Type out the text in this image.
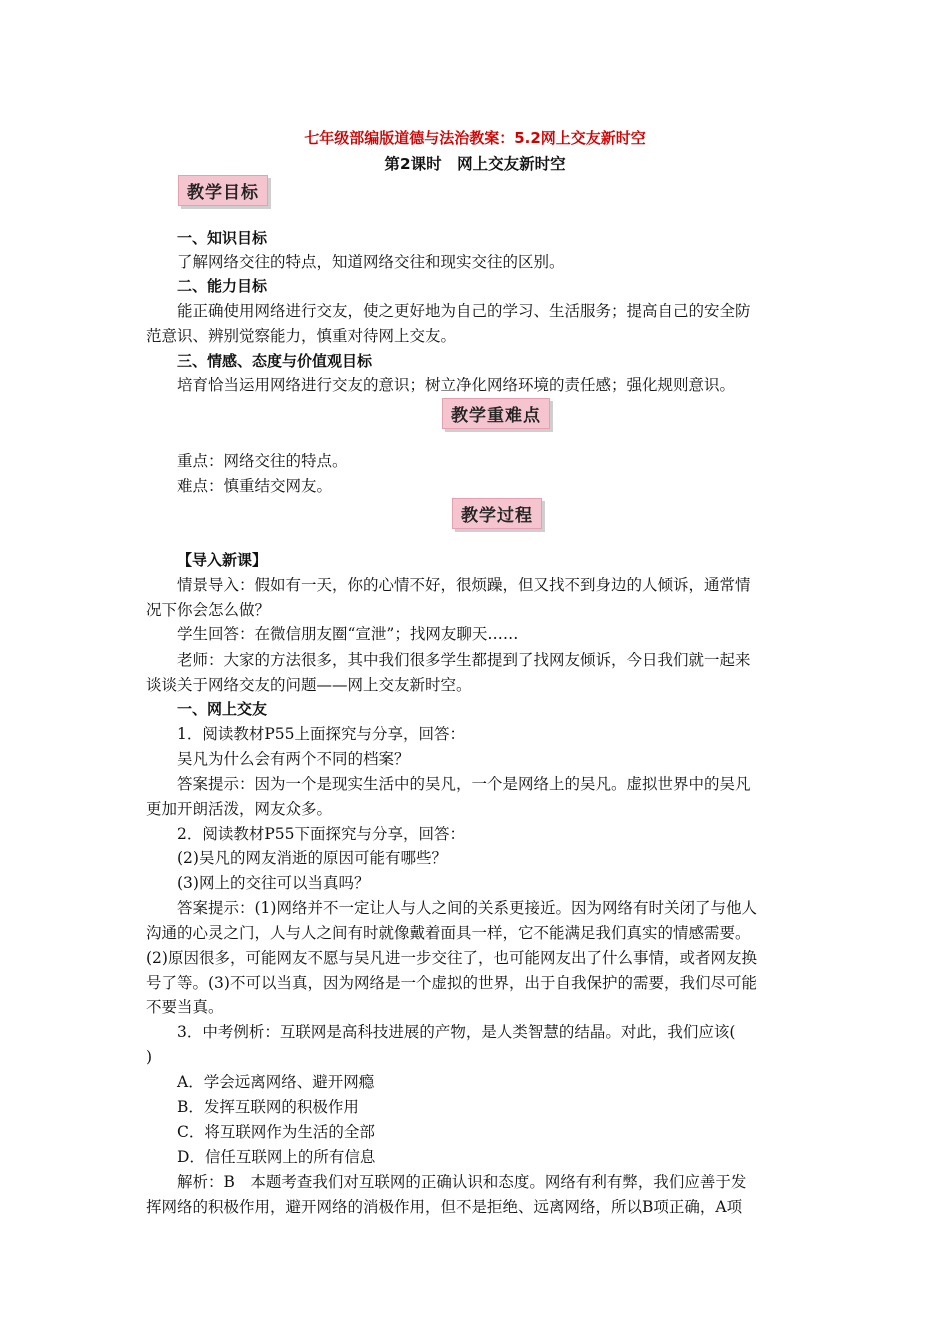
七年级部编版道德与法治教案：5.2网上交友新时空
第2课时　网上交友新时空
教学目标
一、知识目标
了解网络交往的特点，知道网络交往和现实交往的区别。
二、能力目标
能正确使用网络进行交友，使之更好地为自己的学习、生活服务；提高自己的安全防
范意识、辨别觉察能力，慎重对待网上交友。
三、情感、态度与价值观目标
培育恰当运用网络进行交友的意识；树立净化网络环境的责任感；强化规则意识。
教学重难点
重点：网络交往的特点。
难点：慎重结交网友。
教学过程
【导入新课】
情景导入：假如有一天，你的心情不好，很烦躁，但又找不到身边的人倾诉，通常情
况下你会怎么做？
学生回答：在微信朋友圈“宣泄”；找网友聊天……
老师：大家的方法很多，其中我们很多学生都提到了找网友倾诉，今日我们就一起来
谈谈关于网络交友的问题——网上交友新时空。
一、网上交友
1．阅读教材P55上面探究与分享，回答：
吴凡为什么会有两个不同的档案？
答案提示：因为一个是现实生活中的吴凡，一个是网络上的吴凡。虚拟世界中的吴凡
更加开朗活泼，网友众多。
2．阅读教材P55下面探究与分享，回答：
(2)吴凡的网友消逝的原因可能有哪些？
(3)网上的交往可以当真吗？
答案提示：(1)网络并不一定让人与人之间的关系更接近。因为网络有时关闭了与他人
沟通的心灵之门，人与人之间有时就像戴着面具一样，它不能满足我们真实的情感需要。
(2)原因很多，可能网友不愿与吴凡进一步交往了，也可能网友出了什么事情，或者网友换
号了等。(3)不可以当真，因为网络是一个虚拟的世界，出于自我保护的需要，我们尽可能
不要当真。
3．中考例析：互联网是高科技进展的产物，是人类智慧的结晶。对此，我们应该(
)
A．学会远离网络、避开网瘾
B．发挥互联网的积极作用
C．将互联网作为生活的全部
D．信任互联网上的所有信息
解析：B　本题考查我们对互联网的正确认识和态度。网络有利有弊，我们应善于发
挥网络的积极作用，避开网络的消极作用，但不是拒绝、远离网络，所以B项正确，A项
